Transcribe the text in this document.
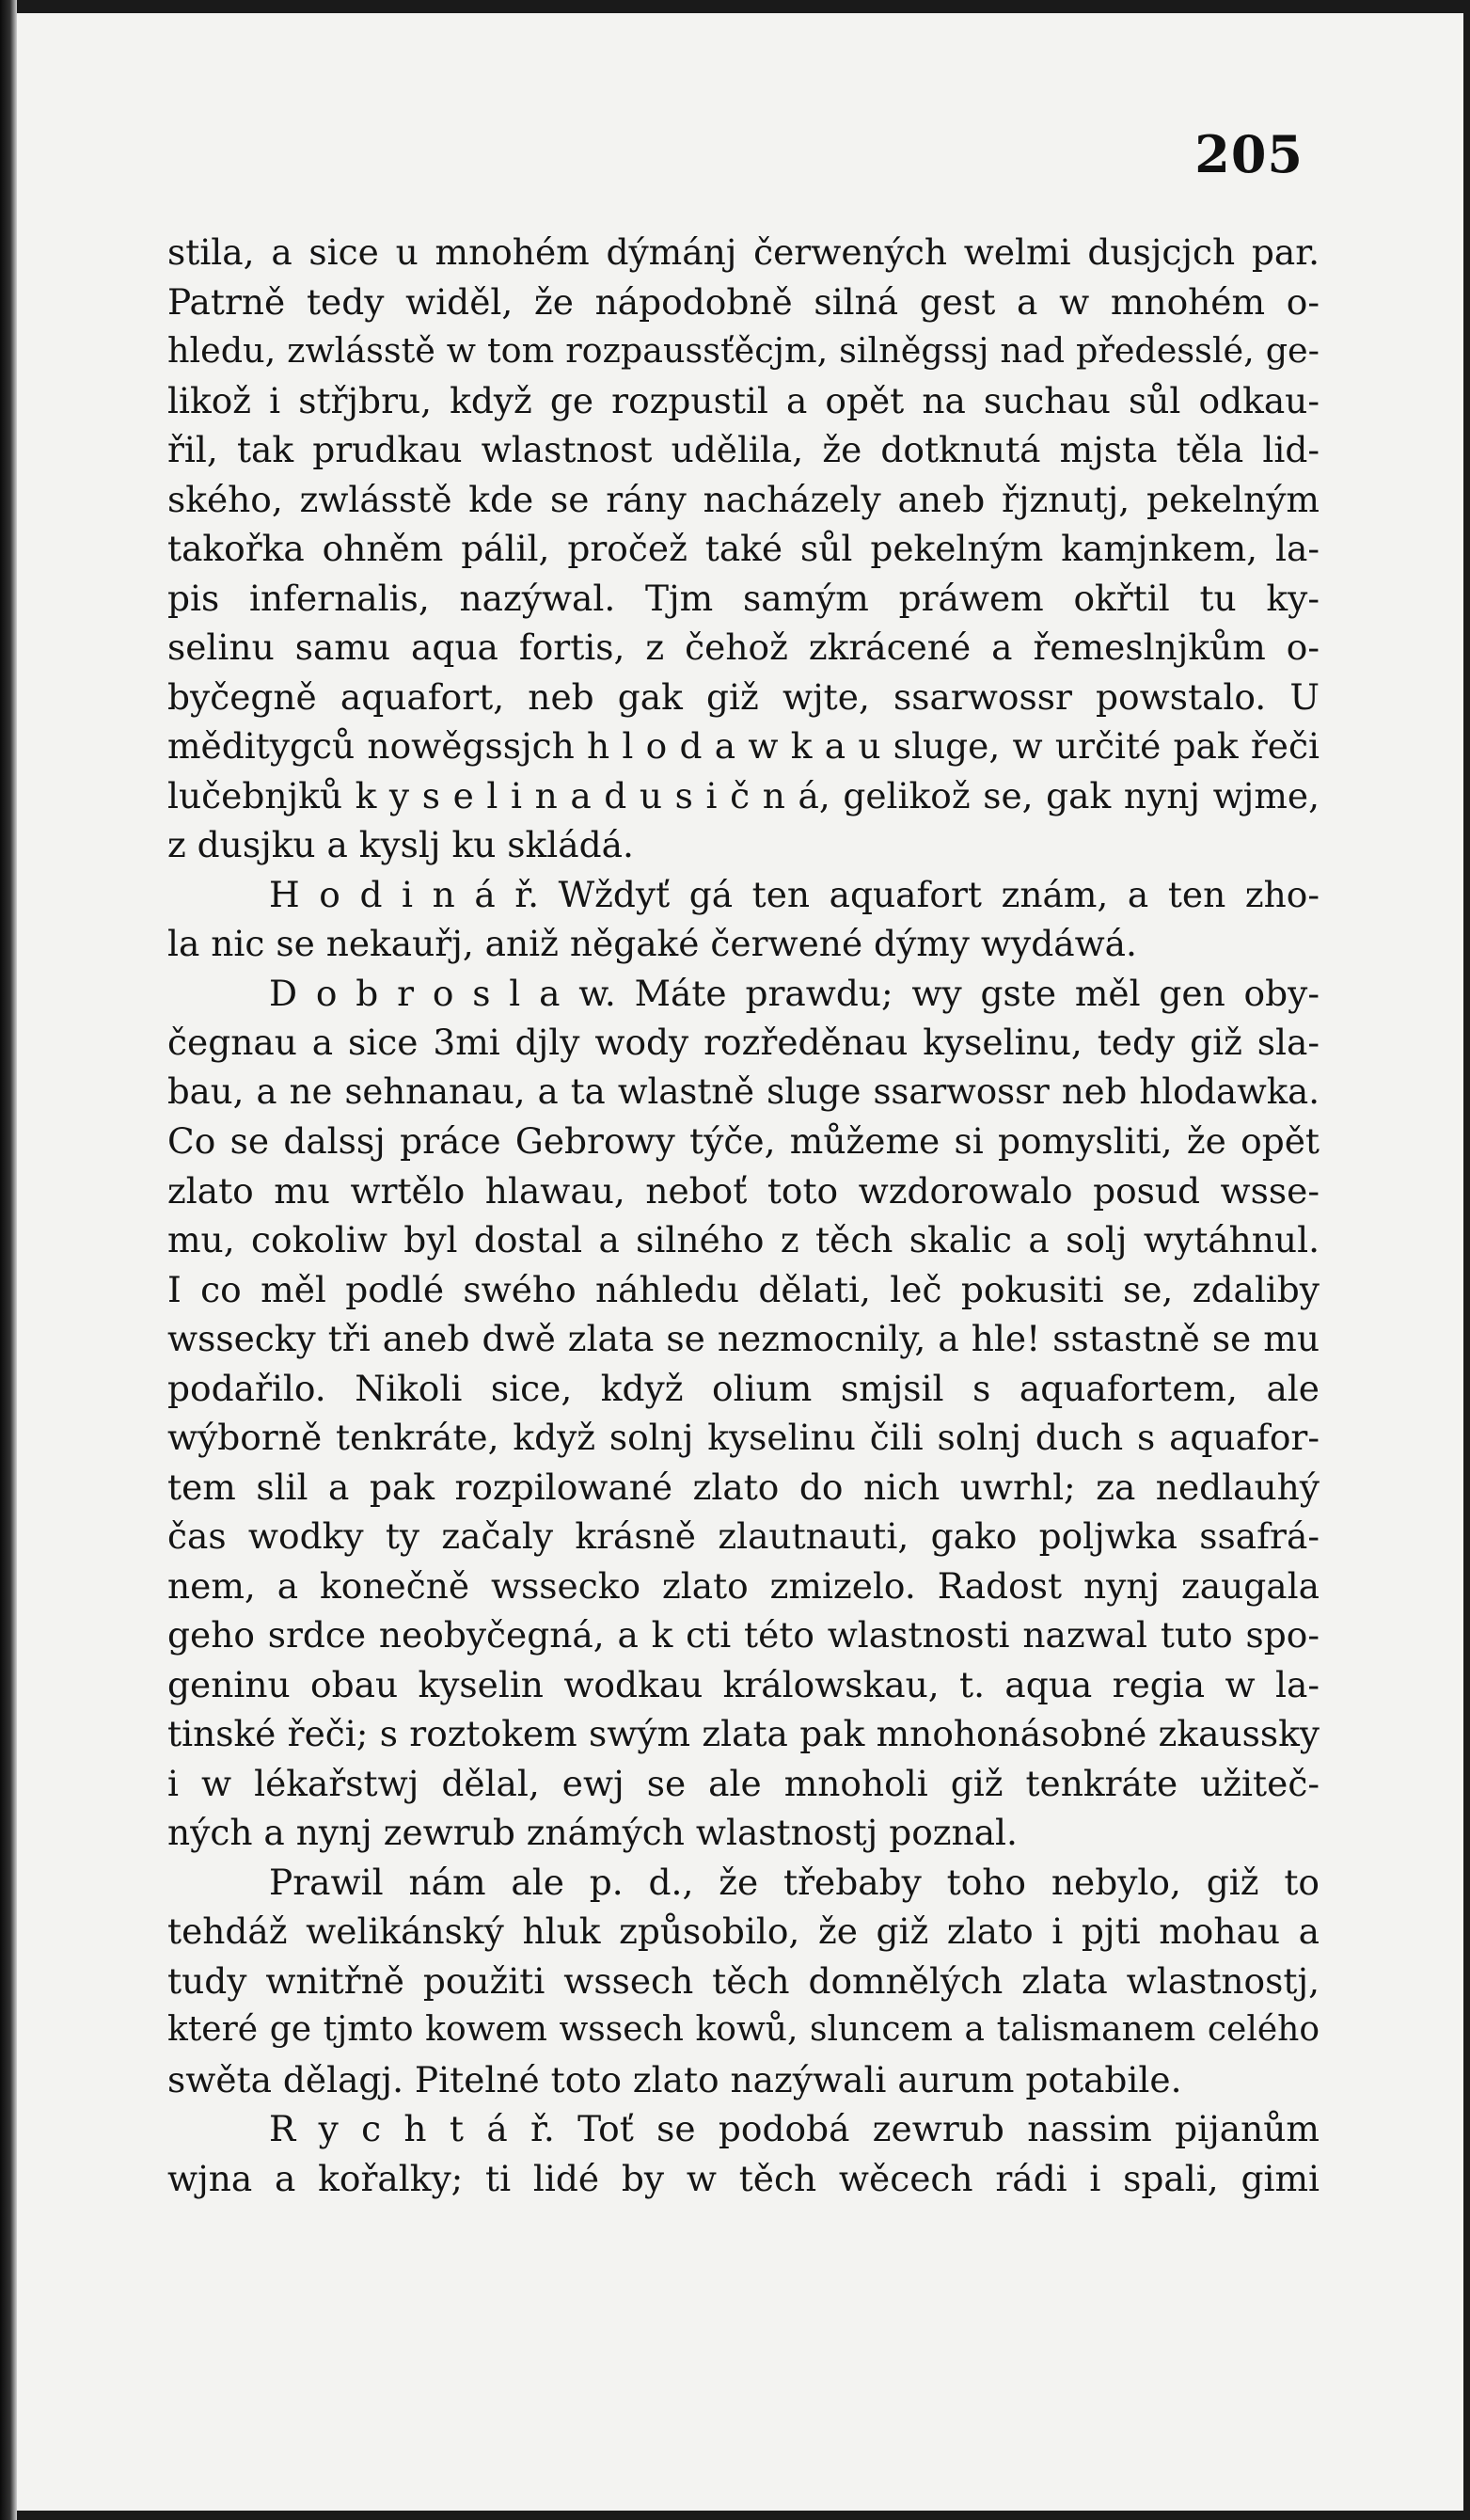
205
stila, a sice u mnohém dýmánj čerwených welmi dusjcjch par.
Patrně tedy widěl, že nápodobně silná gest a w mnohém o-
hledu, zwlásstě w tom rozpaussťěcjm, silněgssj nad předesslé, ge-
likož i střjbru, když ge rozpustil a opět na suchau sůl odkau-
řil, tak prudkau wlastnost udělila, že dotknutá mjsta těla lid-
ského, zwlásstě kde se rány nacházely aneb řjznutj, pekelným
takořka ohněm pálil, pročež také sůl pekelným kamjnkem, la-
pis infernalis, nazýwal. Tjm samým práwem okřtil tu ky-
selinu samu aqua fortis, z čehož zkrácené a řemeslnjkům o-
byčegně aquafort, neb gak giž wjte, ssarwossr powstalo. U
měditygců nowěgssjch h l o d a w k a u sluge, w určité pak řeči
lučebnjků k y s e l i n a d u s i č n á, gelikož se, gak nynj wjme,
z dusjku a kyslj ku skládá.
H o d i n á ř. Wždyť gá ten aquafort znám, a ten zho-
la nic se nekauřj, aniž něgaké čerwené dýmy wydáwá.
D o b r o s l a w. Máte prawdu; wy gste měl gen oby-
čegnau a sice 3mi djly wody rozředěnau kyselinu, tedy giž sla-
bau, a ne sehnanau, a ta wlastně sluge ssarwossr neb hlodawka.
Co se dalssj práce Gebrowy týče, můžeme si pomysliti, že opět
zlato mu wrtělo hlawau, neboť toto wzdorowalo posud wsse-
mu, cokoliw byl dostal a silného z těch skalic a solj wytáhnul.
I co měl podlé swého náhledu dělati, leč pokusiti se, zdaliby
wssecky tři aneb dwě zlata se nezmocnily, a hle! sstastně se mu
podařilo. Nikoli sice, když olium smjsil s aquafortem, ale
wýborně tenkráte, když solnj kyselinu čili solnj duch s aquafor-
tem slil a pak rozpilowané zlato do nich uwrhl; za nedlauhý
čas wodky ty začaly krásně zlautnauti, gako poljwka ssafrá-
nem, a konečně wssecko zlato zmizelo. Radost nynj zaugala
geho srdce neobyčegná, a k cti této wlastnosti nazwal tuto spo-
geninu obau kyselin wodkau králowskau, t. aqua regia w la-
tinské řeči; s roztokem swým zlata pak mnohonásobné zkaussky
i w lékařstwj dělal, ewj se ale mnoholi giž tenkráte užiteč-
ných a nynj zewrub známých wlastnostj poznal.
Prawil nám ale p. d., že třebaby toho nebylo, giž to
tehdáž welikánský hluk způsobilo, že giž zlato i pjti mohau a
tudy wnitřně použiti wssech těch domnělých zlata wlastnostj,
které ge tjmto kowem wssech kowů, sluncem a talismanem celého
swěta dělagj. Pitelné toto zlato nazýwali aurum potabile.
R y c h t á ř. Toť se podobá zewrub nassim pijanům
wjna a kořalky; ti lidé by w těch wěcech rádi i spali, gimi
